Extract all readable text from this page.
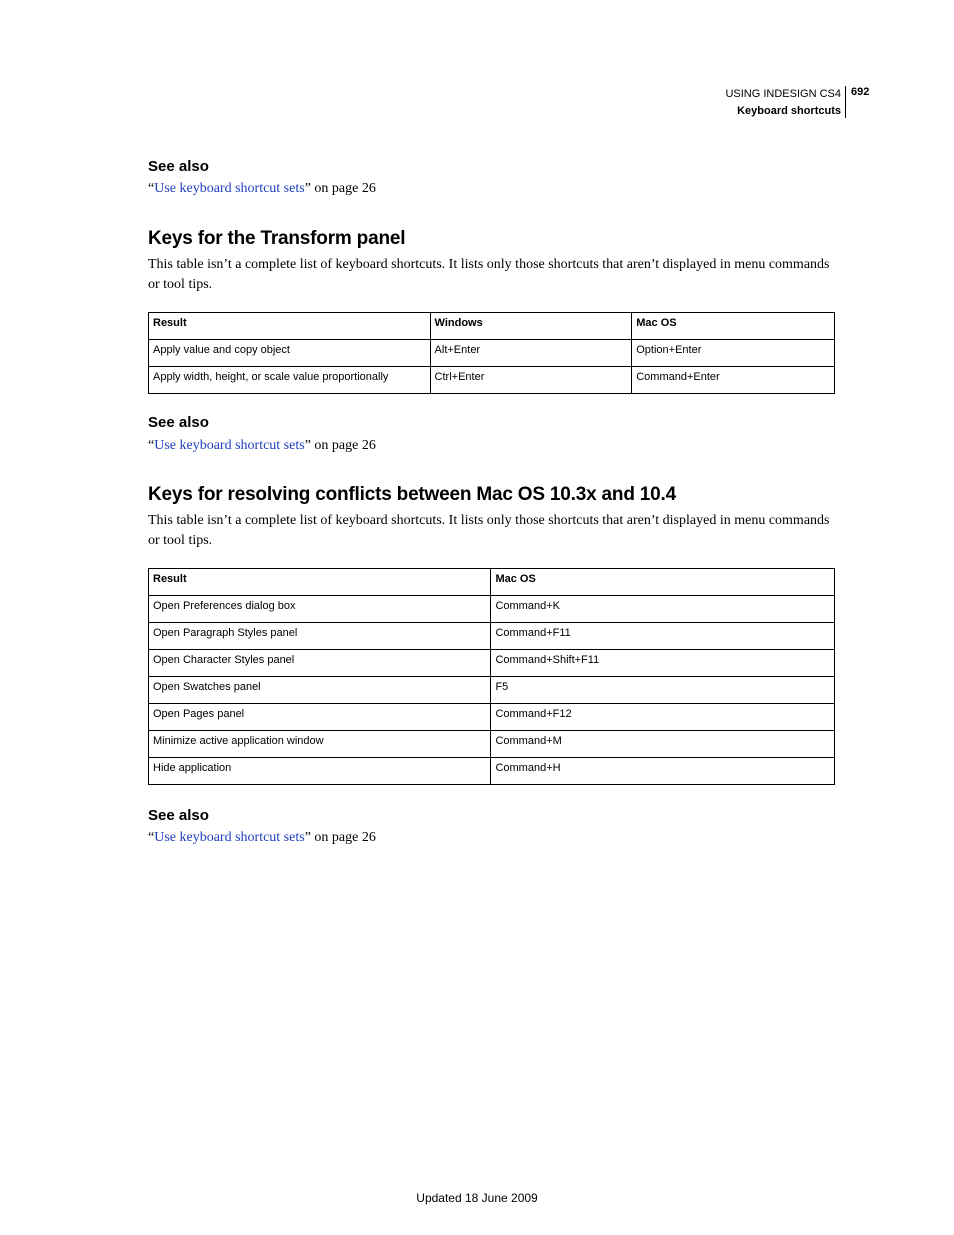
USING INDESIGN CS4
Keyboard shortcuts
692
See also
“Use keyboard shortcut sets” on page 26
Keys for the Transform panel

This table isn’t a complete list of keyboard shortcuts. It lists only those shortcuts that aren’t displayed in menu commands or tool tips.

Result	Windows	Mac OS
Apply value and copy object	Alt+Enter	Option+Enter
Apply width, height, or scale value proportionally	Ctrl+Enter	Command+Enter
See also
“Use keyboard shortcut sets” on page 26
Keys for resolving conflicts between Mac OS 10.3x and 10.4

This table isn’t a complete list of keyboard shortcuts. It lists only those shortcuts that aren’t displayed in menu commands or tool tips.

Result	Mac OS
Open Preferences dialog box	Command+K
Open Paragraph Styles panel	Command+F11
Open Character Styles panel	Command+Shift+F11
Open Swatches panel	F5
Open Pages panel	Command+F12
Minimize active application window	Command+M
Hide application	Command+H
See also
“Use keyboard shortcut sets” on page 26
Updated 18 June 2009
